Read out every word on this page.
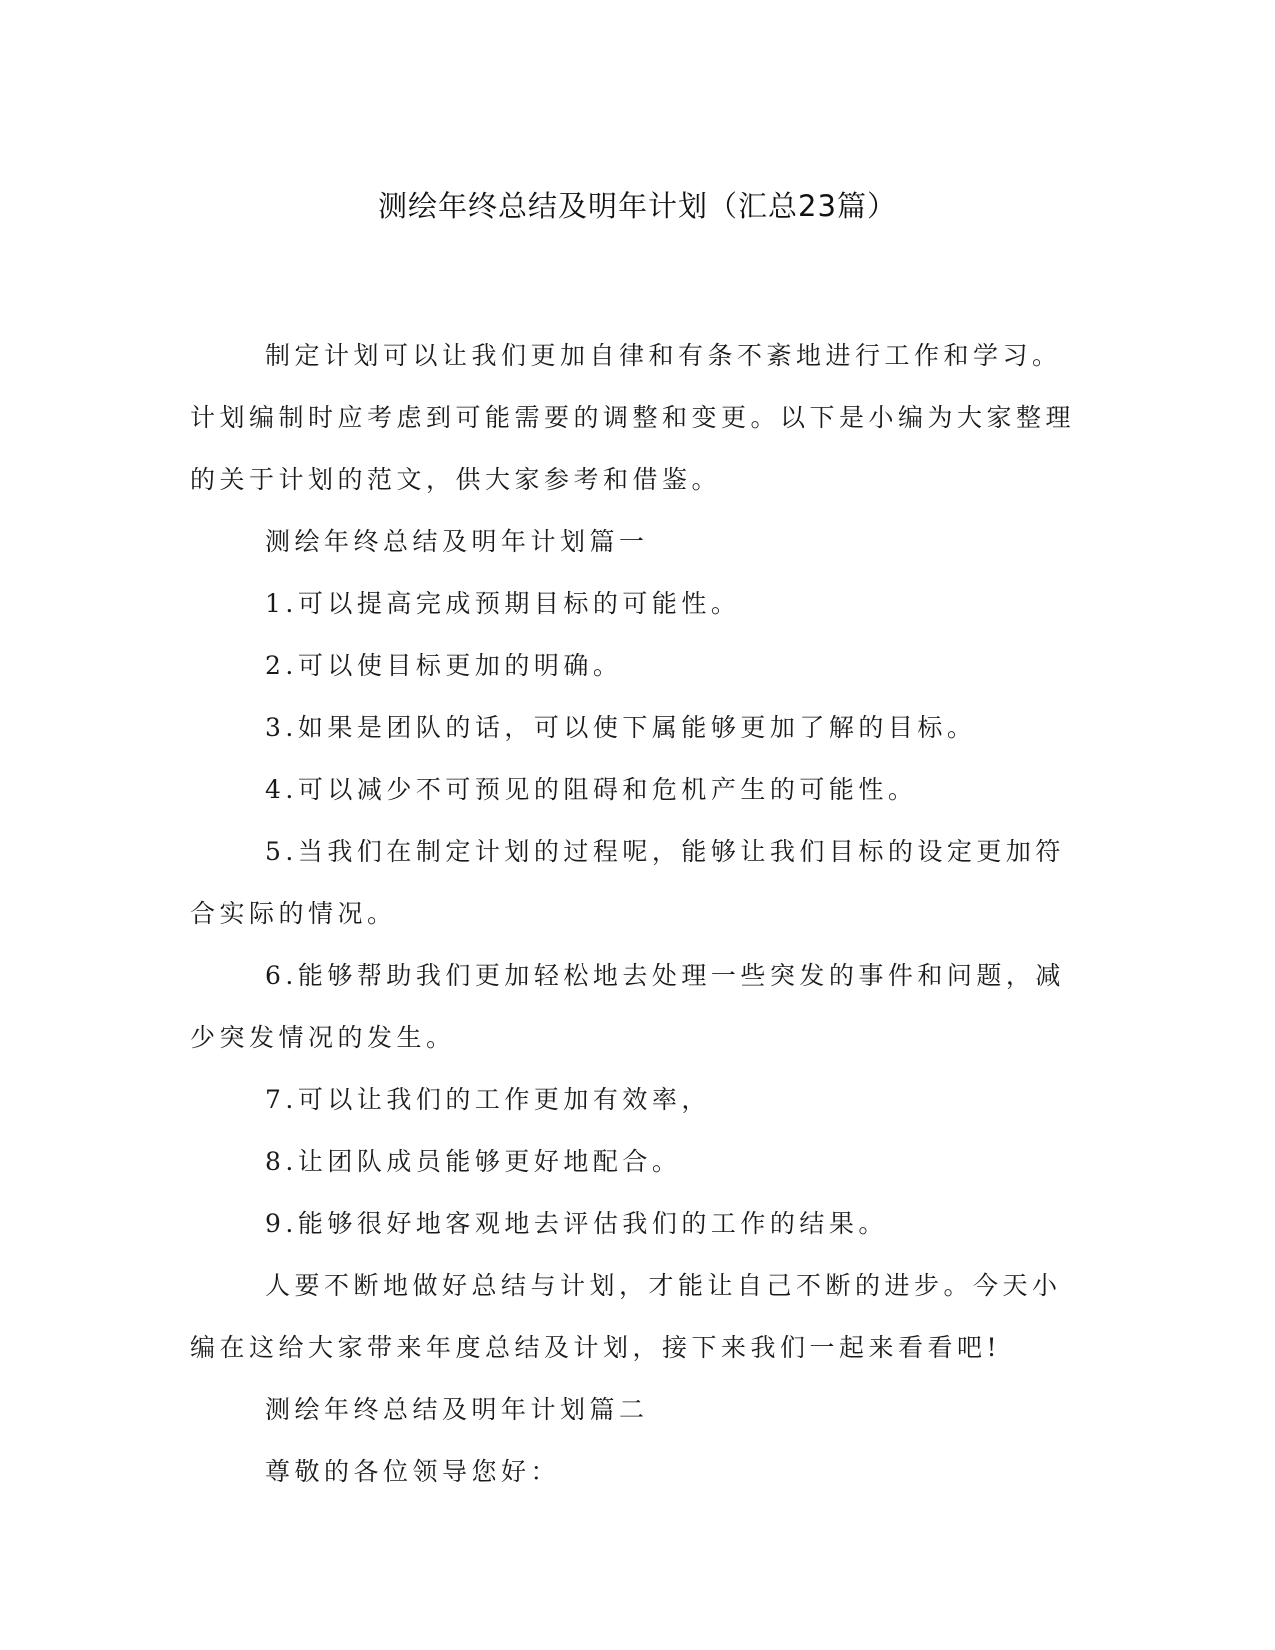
测绘年终总结及明年计划（汇总23篇）

制定计划可以让我们更加自律和有条不紊地进行工作和学习。计划编制时应考虑到可能需要的调整和变更。以下是小编为大家整理的关于计划的范文，供大家参考和借鉴。

测绘年终总结及明年计划篇一

1.可以提高完成预期目标的可能性。

2.可以使目标更加的明确。

3.如果是团队的话，可以使下属能够更加了解的目标。

4.可以减少不可预见的阻碍和危机产生的可能性。

5.当我们在制定计划的过程呢，能够让我们目标的设定更加符合实际的情况。

6.能够帮助我们更加轻松地去处理一些突发的事件和问题，减少突发情况的发生。

7.可以让我们的工作更加有效率，

8.让团队成员能够更好地配合。

9.能够很好地客观地去评估我们的工作的结果。

人要不断地做好总结与计划，才能让自己不断的进步。今天小编在这给大家带来年度总结及计划，接下来我们一起来看看吧!

测绘年终总结及明年计划篇二

尊敬的各位领导您好：
